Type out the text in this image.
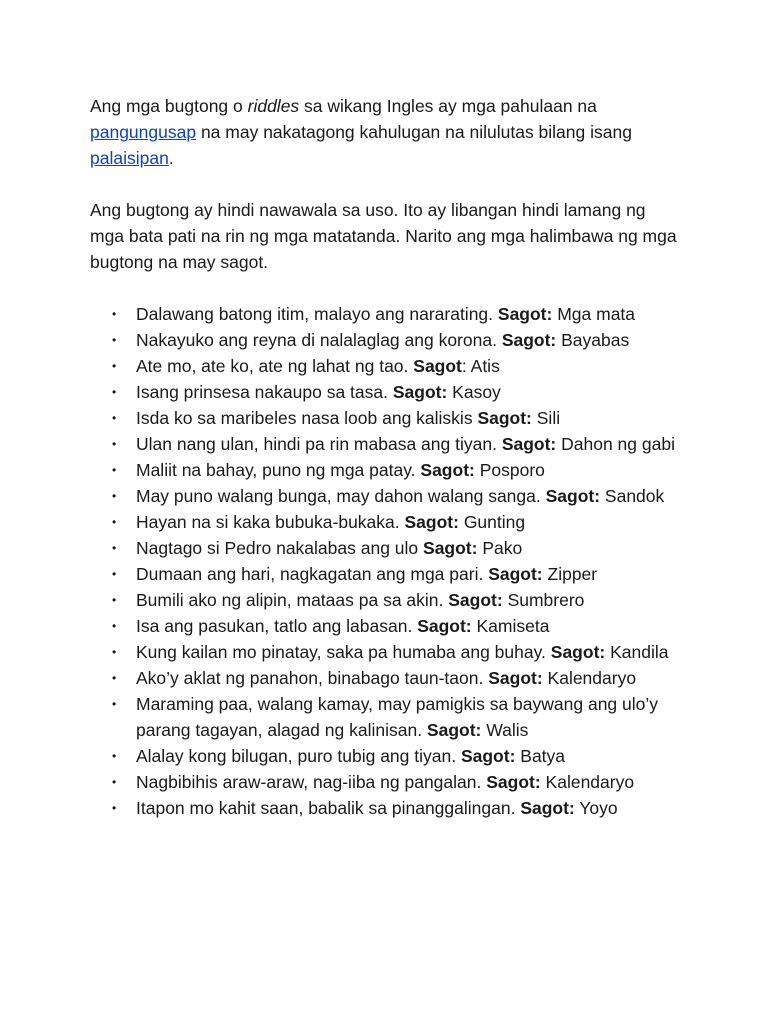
Ang mga bugtong o riddles sa wikang Ingles ay mga pahulaan na pangungusap na may nakatagong kahulugan na nilulutas bilang isang palaisipan.

Ang bugtong ay hindi nawawala sa uso. Ito ay libangan hindi lamang ng mga bata pati na rin ng mga matatanda. Narito ang mga halimbawa ng mga bugtong na may sagot.

• Dalawang batong itim, malayo ang nararating. Sagot: Mga mata
• Nakayuko ang reyna di nalalaglag ang korona. Sagot: Bayabas
• Ate mo, ate ko, ate ng lahat ng tao. Sagot: Atis
• Isang prinsesa nakaupo sa tasa. Sagot: Kasoy
• Isda ko sa maribeles nasa loob ang kaliskis Sagot: Sili
• Ulan nang ulan, hindi pa rin mabasa ang tiyan. Sagot: Dahon ng gabi
• Maliit na bahay, puno ng mga patay. Sagot: Posporo
• May puno walang bunga, may dahon walang sanga. Sagot: Sandok
• Hayan na si kaka bubuka-bukaka. Sagot: Gunting
• Nagtago si Pedro nakalabas ang ulo Sagot: Pako
• Dumaan ang hari, nagkagatan ang mga pari. Sagot: Zipper
• Bumili ako ng alipin, mataas pa sa akin. Sagot: Sumbrero
• Isa ang pasukan, tatlo ang labasan. Sagot: Kamiseta
• Kung kailan mo pinatay, saka pa humaba ang buhay. Sagot: Kandila
• Ako’y aklat ng panahon, binabago taun-taon. Sagot: Kalendaryo
• Maraming paa, walang kamay, may pamigkis sa baywang ang ulo’y parang tagayan, alagad ng kalinisan. Sagot: Walis
• Alalay kong bilugan, puro tubig ang tiyan. Sagot: Batya
• Nagbibihis araw-araw, nag-iiba ng pangalan. Sagot: Kalendaryo
• Itapon mo kahit saan, babalik sa pinanggalingan. Sagot: Yoyo
